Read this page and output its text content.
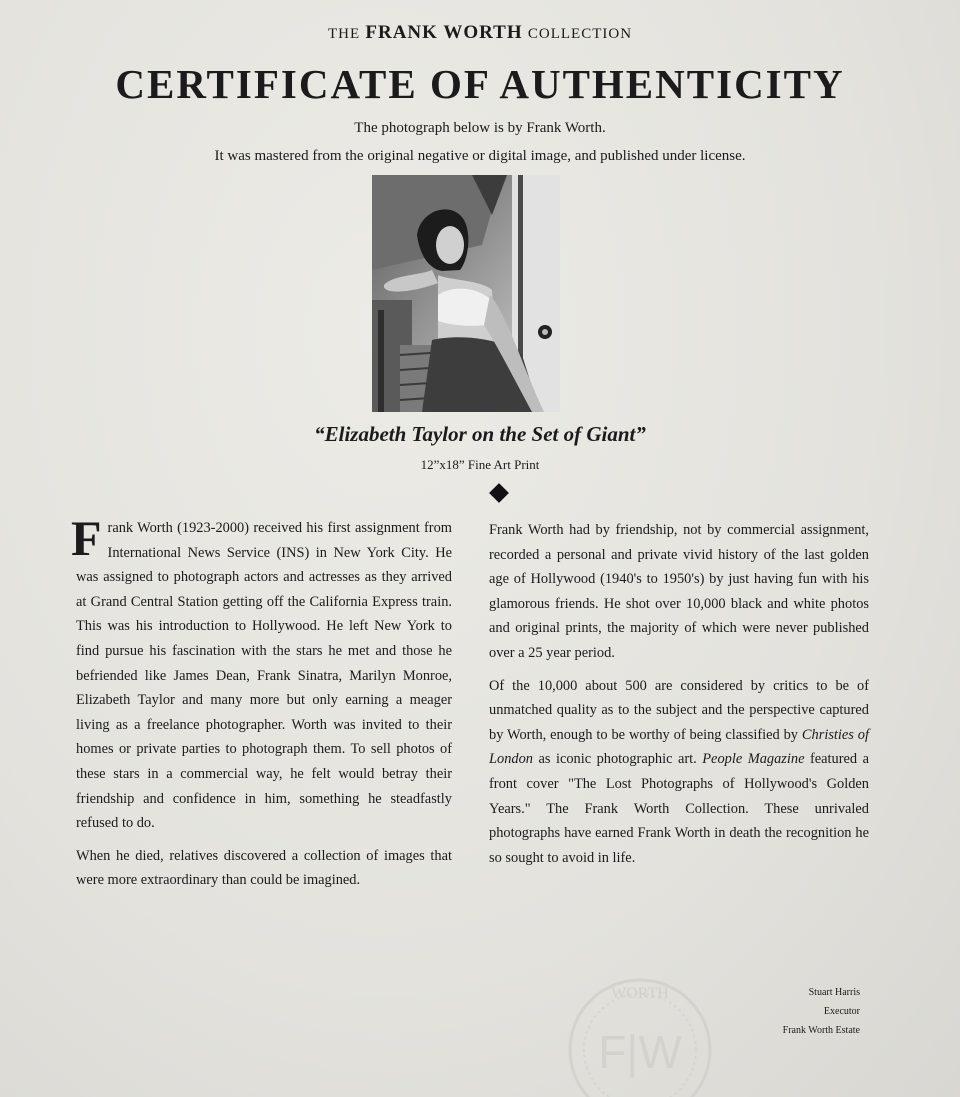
THE FRANK WORTH COLLECTION
CERTIFICATE OF AUTHENTICITY
The photograph below is by Frank Worth.
It was mastered from the original negative or digital image, and published under license.
“Elizabeth Taylor on the Set of Giant”
12”x18” Fine Art Print

Frank Worth (1923-2000) received his first assignment from International News Service (INS) in New York City. He was assigned to photograph actors and actresses as they arrived at Grand Central Station getting off the California Express train. This was his introduction to Hollywood. He left New York to find pursue his fascination with the stars he met and those he befriended like James Dean, Frank Sinatra, Marilyn Monroe, Elizabeth Taylor and many more but only earning a meager living as a freelance photographer. Worth was invited to their homes or private parties to photograph them. To sell photos of these stars in a commercial way, he felt would betray their friendship and confidence in him, something he steadfastly refused to do.

When he died, relatives discovered a collection of images that were more extraordinary than could be imagined.

Frank Worth had by friendship, not by commercial assignment, recorded a personal and private vivid history of the last golden age of Hollywood (1940's to 1950's) by just having fun with his glamorous friends. He shot over 10,000 black and white photos and original prints, the majority of which were never published over a 25 year period.

Of the 10,000 about 500 are considered by critics to be of unmatched quality as to the subject and the perspective captured by Worth, enough to be worthy of being classified by Christies of London as iconic photographic art. People Magazine featured a front cover "The Lost Photographs of Hollywood's Golden Years." The Frank Worth Collection. These unrivaled photographs have earned Frank Worth in death the recognition he so sought to avoid in life.

Stuart Harris
Executor
Frank Worth Estate
WORTH
F|W
